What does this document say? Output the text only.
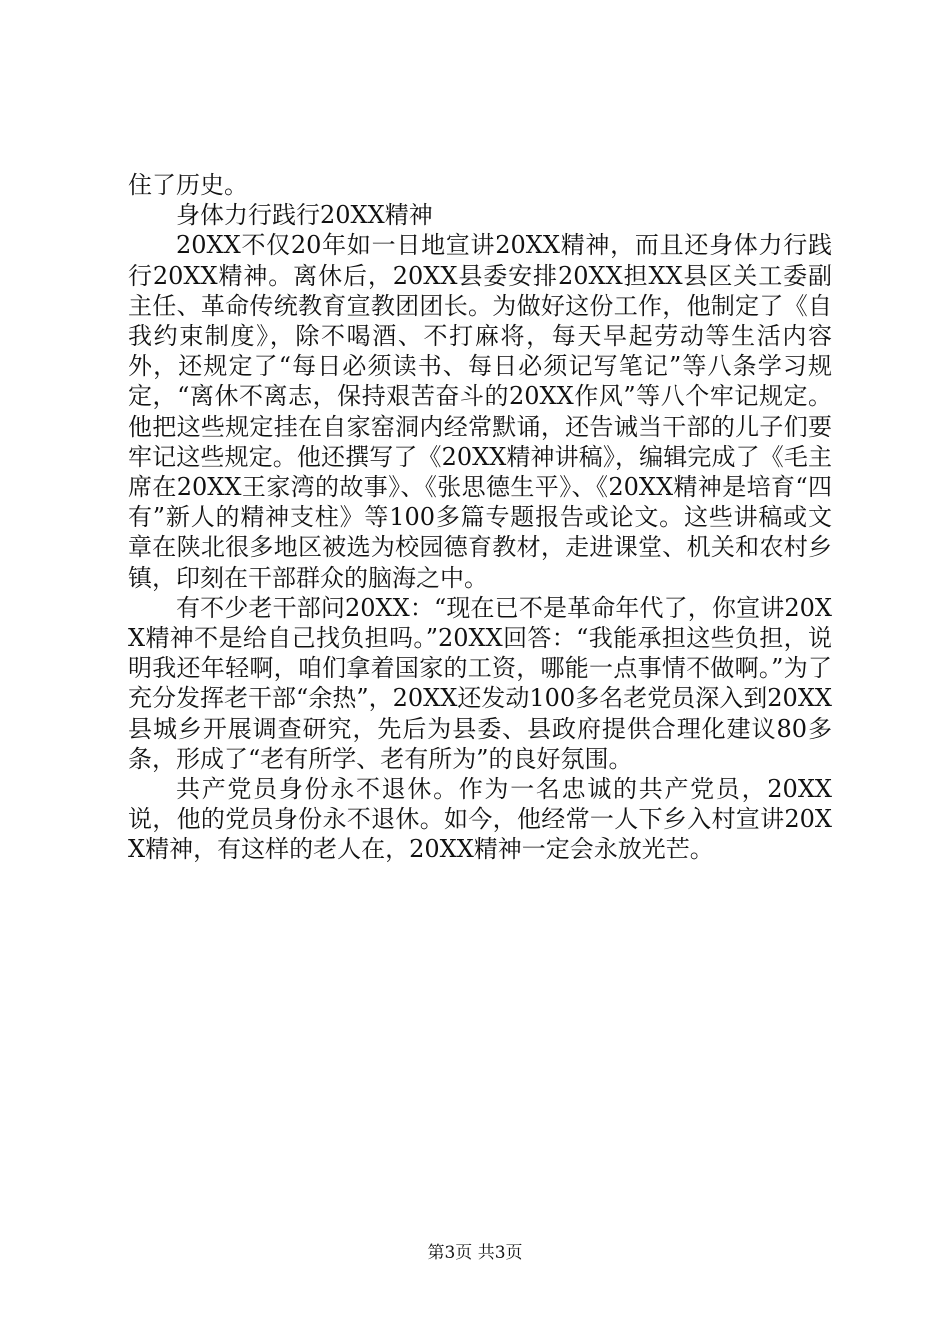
住了历史。

身体力行践行20XX精神

20XX不仅20年如一日地宣讲20XX精神，而且还身体力行践行20XX精神。离休后，20XX县委安排20XX担XX县区关工委副主任、革命传统教育宣教团团长。为做好这份工作，他制定了《自我约束制度》，除不喝酒、不打麻将，每天早起劳动等生活内容外，还规定了“每日必须读书、每日必须记写笔记”等八条学习规定，“离休不离志，保持艰苦奋斗的20XX作风”等八个牢记规定。他把这些规定挂在自家窑洞内经常默诵，还告诫当干部的儿子们要牢记这些规定。他还撰写了《20XX精神讲稿》，编辑完成了《毛主席在20XX王家湾的故事》、《张思德生平》、《20XX精神是培育“四有”新人的精神支柱》等100多篇专题报告或论文。这些讲稿或文章在陕北很多地区被选为校园德育教材，走进课堂、机关和农村乡镇，印刻在干部群众的脑海之中。

有不少老干部问20XX：“现在已不是革命年代了，你宣讲20XX精神不是给自己找负担吗。”20XX回答：“我能承担这些负担，说明我还年轻啊，咱们拿着国家的工资，哪能一点事情不做啊。”为了充分发挥老干部“余热”，20XX还发动100多名老党员深入到20XX县城乡开展调查研究，先后为县委、县政府提供合理化建议80多条，形成了“老有所学、老有所为”的良好氛围。

共产党员身份永不退休。作为一名忠诚的共产党员，20XX说，他的党员身份永不退休。如今，他经常一人下乡入村宣讲20XX精神，有这样的老人在，20XX精神一定会永放光芒。

第3页 共3页
